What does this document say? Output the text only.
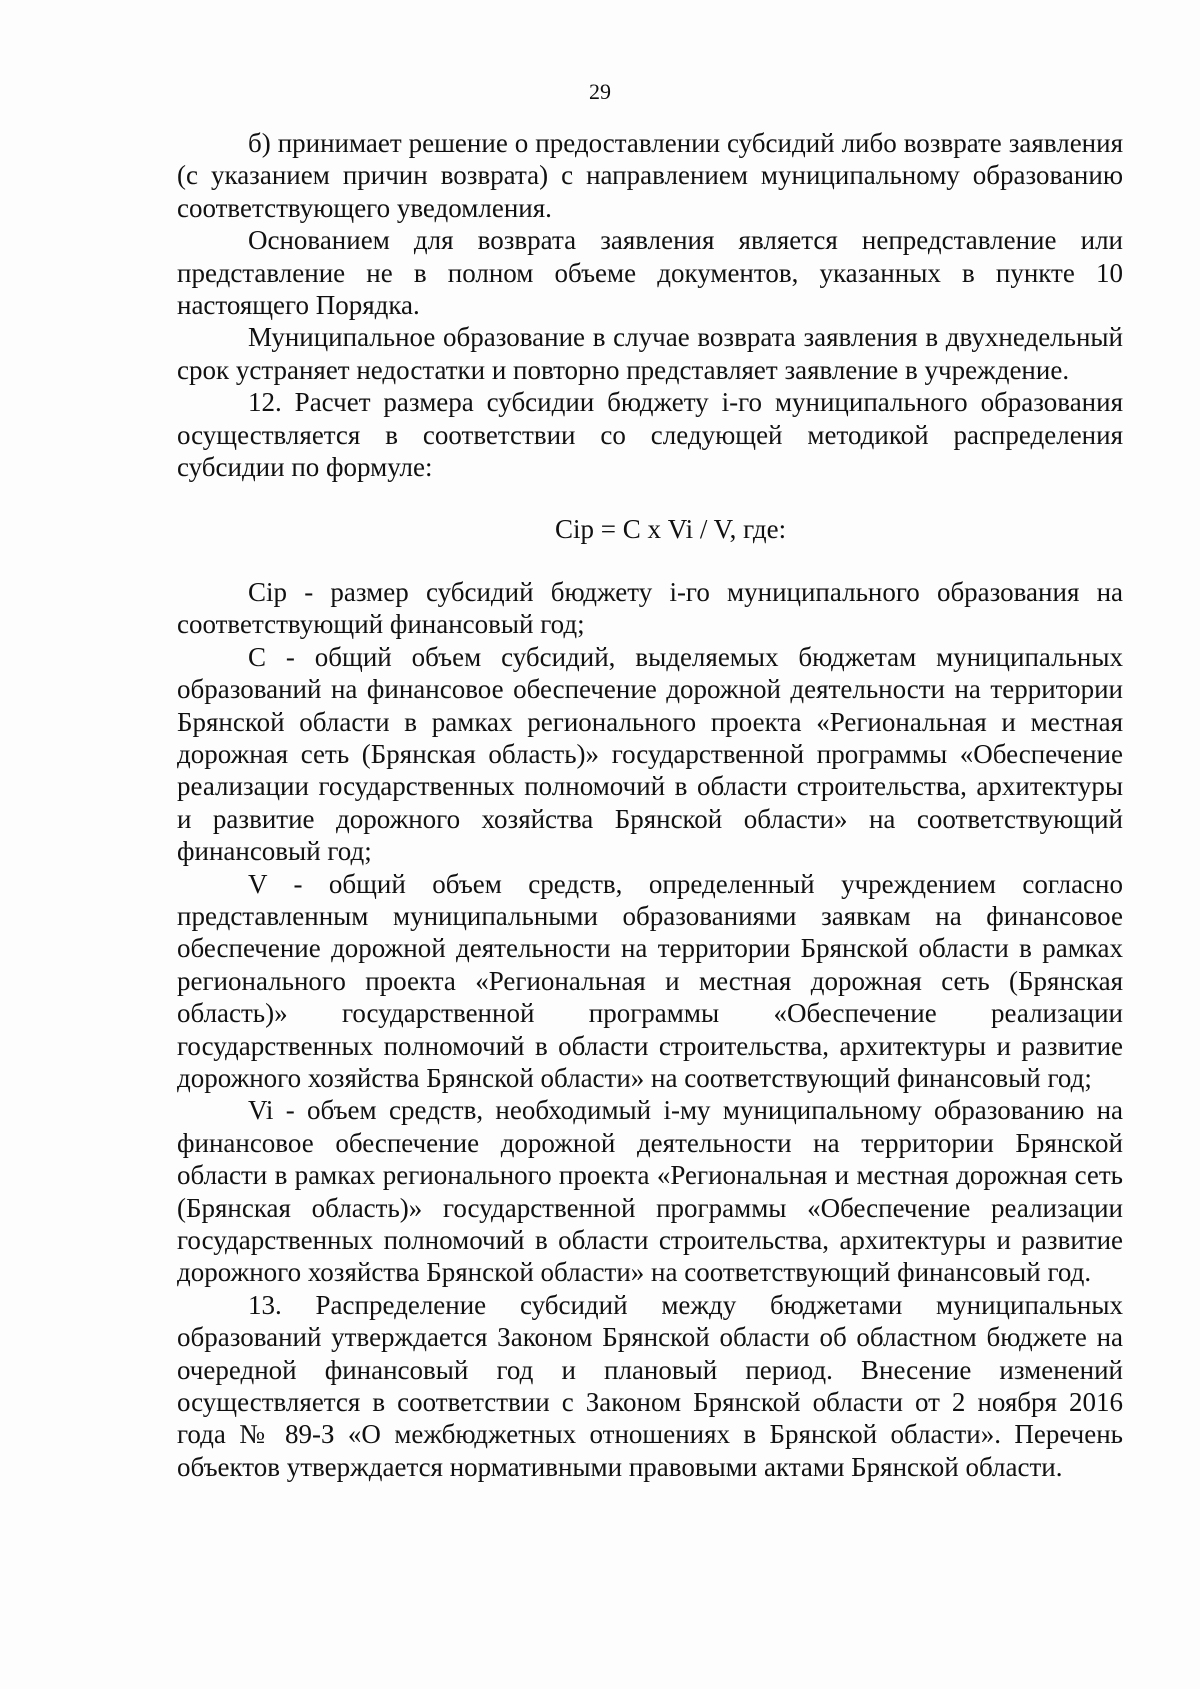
29

б) принимает решение о предоставлении субсидий либо возврате заявления (с указанием причин возврата) с направлением муниципальному образованию соответствующего уведомления.

Основанием для возврата заявления является непредставление или представление не в полном объеме документов, указанных в пункте 10 настоящего Порядка.

Муниципальное образование в случае возврата заявления в двухнедельный срок устраняет недостатки и повторно представляет заявление в учреждение.

12. Расчет размера субсидии бюджету i-го муниципального образования осуществляется в соответствии со следующей методикой распределения субсидии по формуле:

Сiр = С х Vi / V, где:

Сiр - размер субсидий бюджету i-го муниципального образования на соответствующий финансовый год;

С - общий объем субсидий, выделяемых бюджетам муниципальных образований на финансовое обеспечение дорожной деятельности на территории Брянской области в рамках регионального проекта «Региональная и местная дорожная сеть (Брянская область)» государственной программы «Обеспечение реализации государственных полномочий в области строительства, архитектуры и развитие дорожного хозяйства Брянской области» на соответствующий финансовый год;

V - общий объем средств, определенный учреждением согласно представленным муниципальными образованиями заявкам на финансовое обеспечение дорожной деятельности на территории Брянской области в рамках регионального проекта «Региональная и местная дорожная сеть (Брянская область)» государственной программы «Обеспечение реализации государственных полномочий в области строительства, архитектуры и развитие дорожного хозяйства Брянской области» на соответствующий финансовый год;

Vi - объем средств, необходимый i-му муниципальному образованию на финансовое обеспечение дорожной деятельности на территории Брянской области в рамках регионального проекта «Региональная и местная дорожная сеть (Брянская область)» государственной программы «Обеспечение реализации государственных полномочий в области строительства, архитектуры и развитие дорожного хозяйства Брянской области» на соответствующий финансовый год.

13. Распределение субсидий между бюджетами муниципальных образований утверждается Законом Брянской области об областном бюджете на очередной финансовый год и плановый период. Внесение изменений осуществляется в соответствии с Законом Брянской области от 2 ноября 2016 года № 89-З «О межбюджетных отношениях в Брянской области». Перечень объектов утверждается нормативными правовыми актами Брянской области.
